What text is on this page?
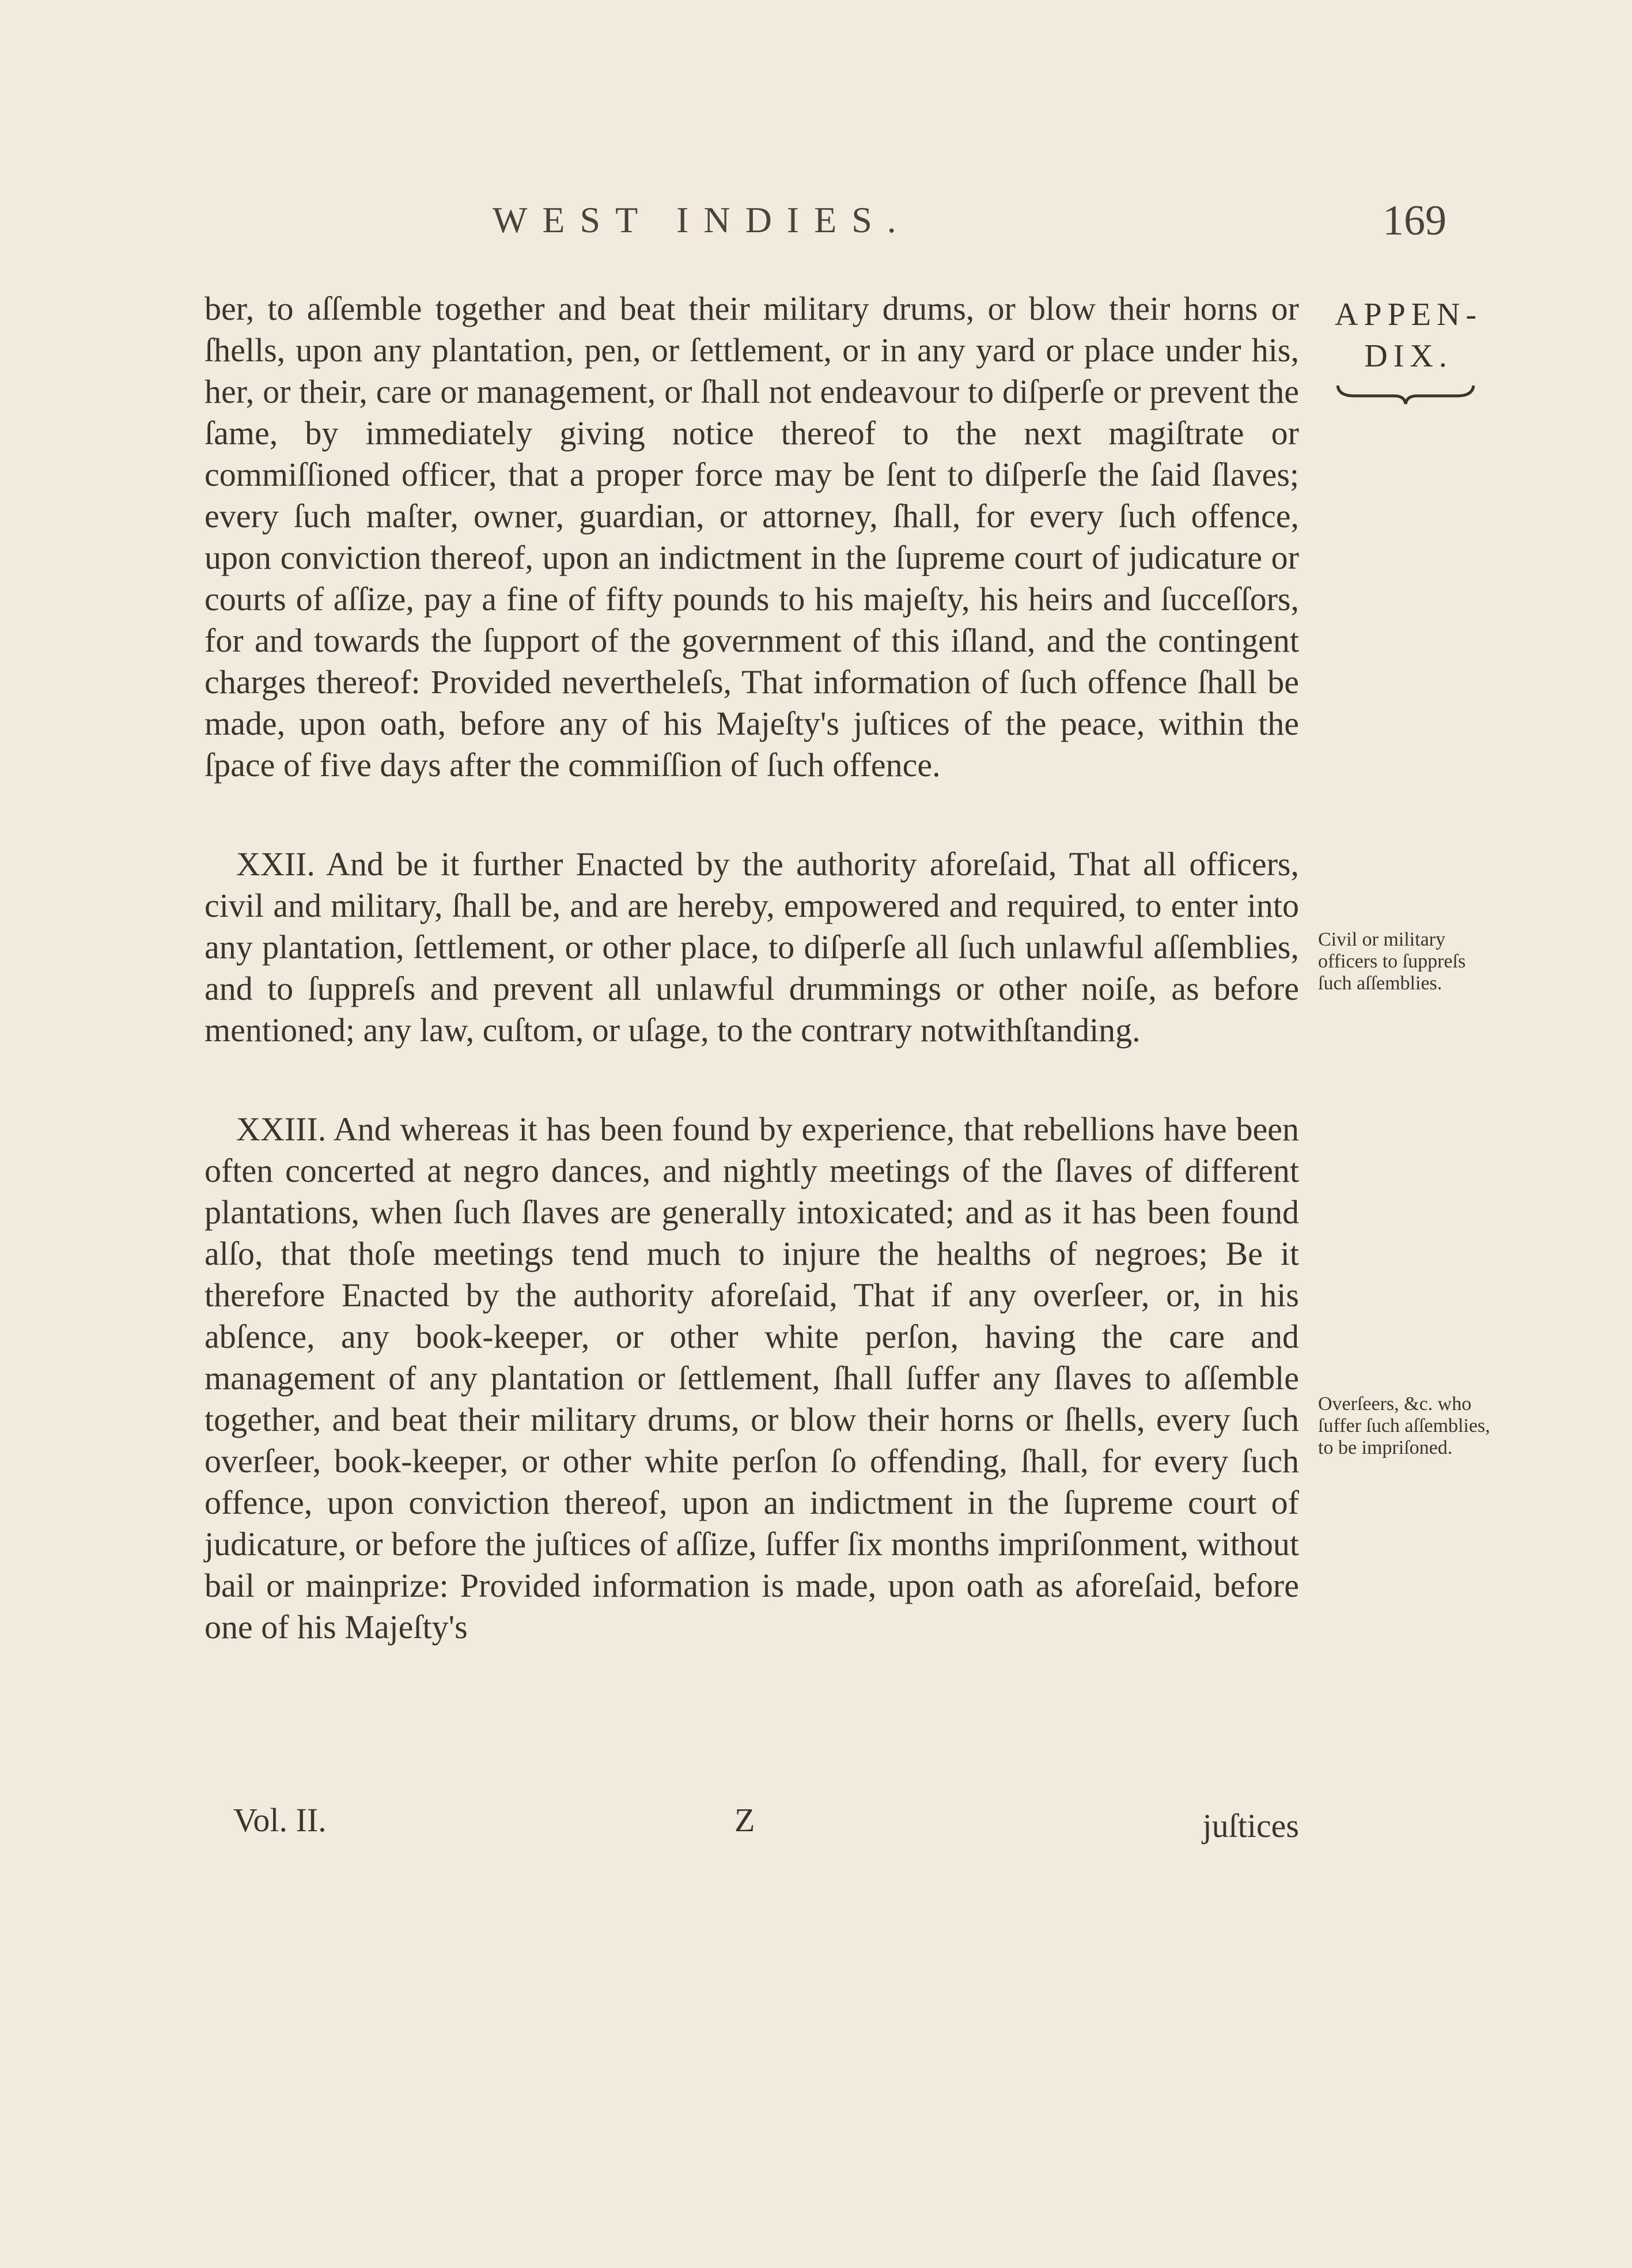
WEST INDIES.	169
APPEN-
DIX.

ber, to aſſemble together and beat their military drums, or blow their horns or ſhells, upon any plantation, pen, or ſettlement, or in any yard or place under his, her, or their, care or management, or ſhall not endeavour to diſperſe or prevent the ſame, by immediately giving notice thereof to the next magiſtrate or commiſſioned officer, that a proper force may be ſent to diſperſe the ſaid ſlaves; every ſuch maſter, owner, guardian, or attorney, ſhall, for every ſuch offence, upon conviction thereof, upon an indictment in the ſupreme court of judicature or courts of aſſize, pay a fine of fifty pounds to his majeſty, his heirs and ſucceſſors, for and towards the ſupport of the government of this iſland, and the contingent charges thereof: Provided nevertheleſs, That information of ſuch offence ſhall be made, upon oath, before any of his Majeſty's juſtices of the peace, within the ſpace of five days after the commiſſion of ſuch offence.

XXII. And be it further Enacted by the authority aforeſaid, That all officers, civil and military, ſhall be, and are hereby, empowered and required, to enter into any plantation, ſettlement, or other place, to diſperſe all ſuch unlawful aſſemblies, and to ſuppreſs and prevent all unlawful drummings or other noiſe, as before mentioned; any law, cuſtom, or uſage, to the contrary notwithſtanding.

XXIII. And whereas it has been found by experience, that rebellions have been often concerted at negro dances, and nightly meetings of the ſlaves of different plantations, when ſuch ſlaves are generally intoxicated; and as it has been found alſo, that thoſe meetings tend much to injure the healths of negroes; Be it therefore Enacted by the authority aforeſaid, That if any overſeer, or, in his abſence, any book-keeper, or other white perſon, having the care and management of any plantation or ſettlement, ſhall ſuffer any ſlaves to aſſemble together, and beat their military drums, or blow their horns or ſhells, every ſuch overſeer, book-keeper, or other white perſon ſo offending, ſhall, for every ſuch offence, upon conviction thereof, upon an indictment in the ſupreme court of judicature, or before the juſtices of aſſize, ſuffer ſix months impriſonment, without bail or mainprize: Provided information is made, upon oath as aforeſaid, before one of his Majeſty's

Civil or military officers to ſuppreſs ſuch aſſemblies.
Overſeers, &c. who ſuffer ſuch aſſemblies, to be impriſoned.
Vol. II.	Z	juſtices
